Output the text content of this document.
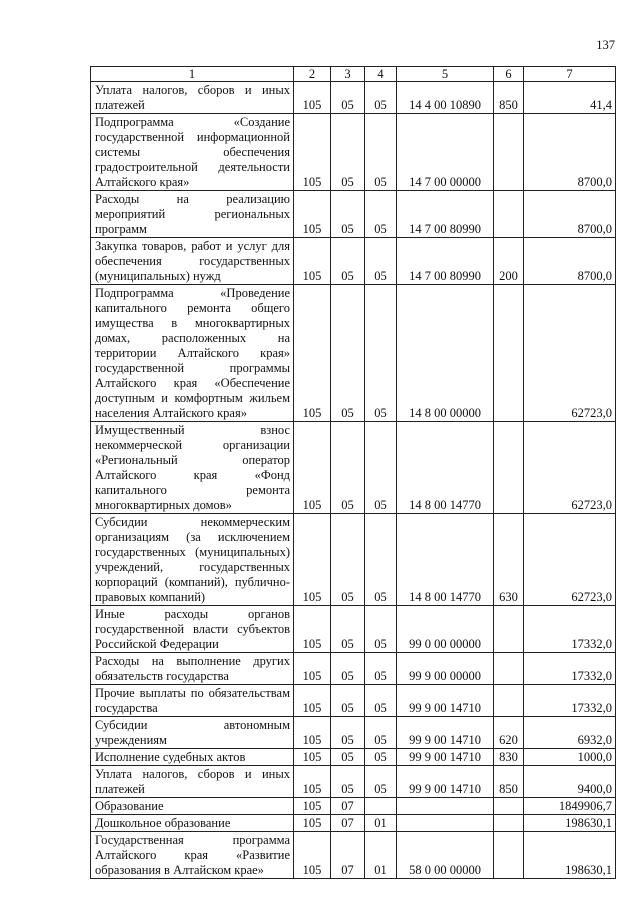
137
1	2	3	4	5	6	7
Уплата налогов, сборов и иных платежей	105	05	05	14 4 00 10890	850	41,4
Подпрограмма «Создание государственной информационной системы обеспечения градостроительной деятельности Алтайского края»	105	05	05	14 7 00 00000		8700,0
Расходы на реализацию мероприятий региональных программ	105	05	05	14 7 00 80990		8700,0
Закупка товаров, работ и услуг для обеспечения государственных (муниципальных) нужд	105	05	05	14 7 00 80990	200	8700,0
Подпрограмма «Проведение капитального ремонта общего имущества в многоквартирных домах, расположенных на территории Алтайского края» государственной программы Алтайского края «Обеспечение доступным и комфортным жильем населения Алтайского края»	105	05	05	14 8 00 00000		62723,0
Имущественный взнос некоммерческой организации «Региональный оператор Алтайского края «Фонд капитального ремонта многоквартирных домов»	105	05	05	14 8 00 14770		62723,0
Субсидии некоммерческим организациям (за исключением государственных (муниципальных) учреждений, государственных корпораций (компаний), публично-правовых компаний)	105	05	05	14 8 00 14770	630	62723,0
Иные расходы органов государственной власти субъектов Российской Федерации	105	05	05	99 0 00 00000		17332,0
Расходы на выполнение других обязательств государства	105	05	05	99 9 00 00000		17332,0
Прочие выплаты по обязательствам государства	105	05	05	99 9 00 14710		17332,0
Субсидии автономным учреждениям	105	05	05	99 9 00 14710	620	6932,0
Исполнение судебных актов	105	05	05	99 9 00 14710	830	1000,0
Уплата налогов, сборов и иных платежей	105	05	05	99 9 00 14710	850	9400,0
Образование	105	07				1849906,7
Дошкольное образование	105	07	01			198630,1
Государственная программа Алтайского края «Развитие образования в Алтайском крае»	105	07	01	58 0 00 00000		198630,1
